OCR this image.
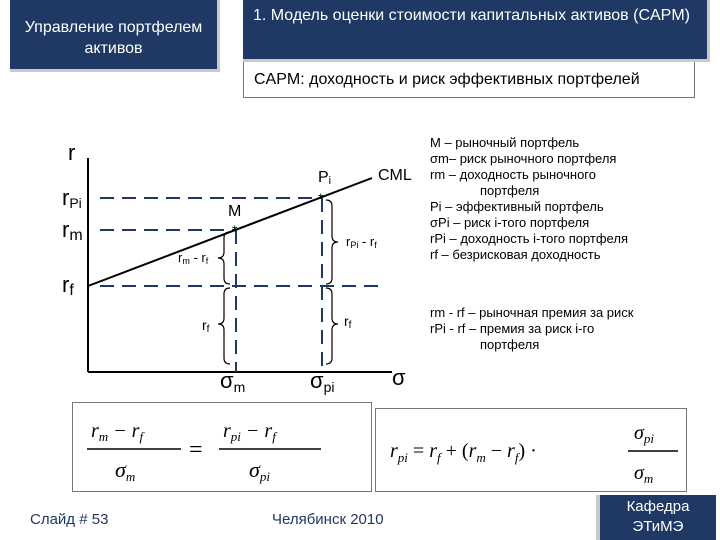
Управление портфелем активов
1. Модель оценки стоимости капитальных активов (CAPM)
CAPM: доходность и риск эффективных портфелей
*
*
r
rPi
rm
rf
Pi
M
CML
rm - rf
rPi - rf
rf
rf
σm	σpi	σ
M – рыночный портфель
σm– риск рыночного портфеля
rm – доходность рыночного
портфеля
Pi – эффективный портфель
σPi – риск i-того портфеля
rPi – доходность i-того портфеля
rf – безрисковая доходность
rm - rf – рыночная премия за риск
rPi - rf – премия за риск i-го
портфеля
$r_m - r_f$
σm
=
$r_{pi} - r_f$
σpi
$r_{pi} = r_f + (r_m - r_f)$ ·
$\sigma_{pi}$
$\sigma_m$
Слайд # 53	Челябинск 2010
Кафедра
ЭТиМЭ
